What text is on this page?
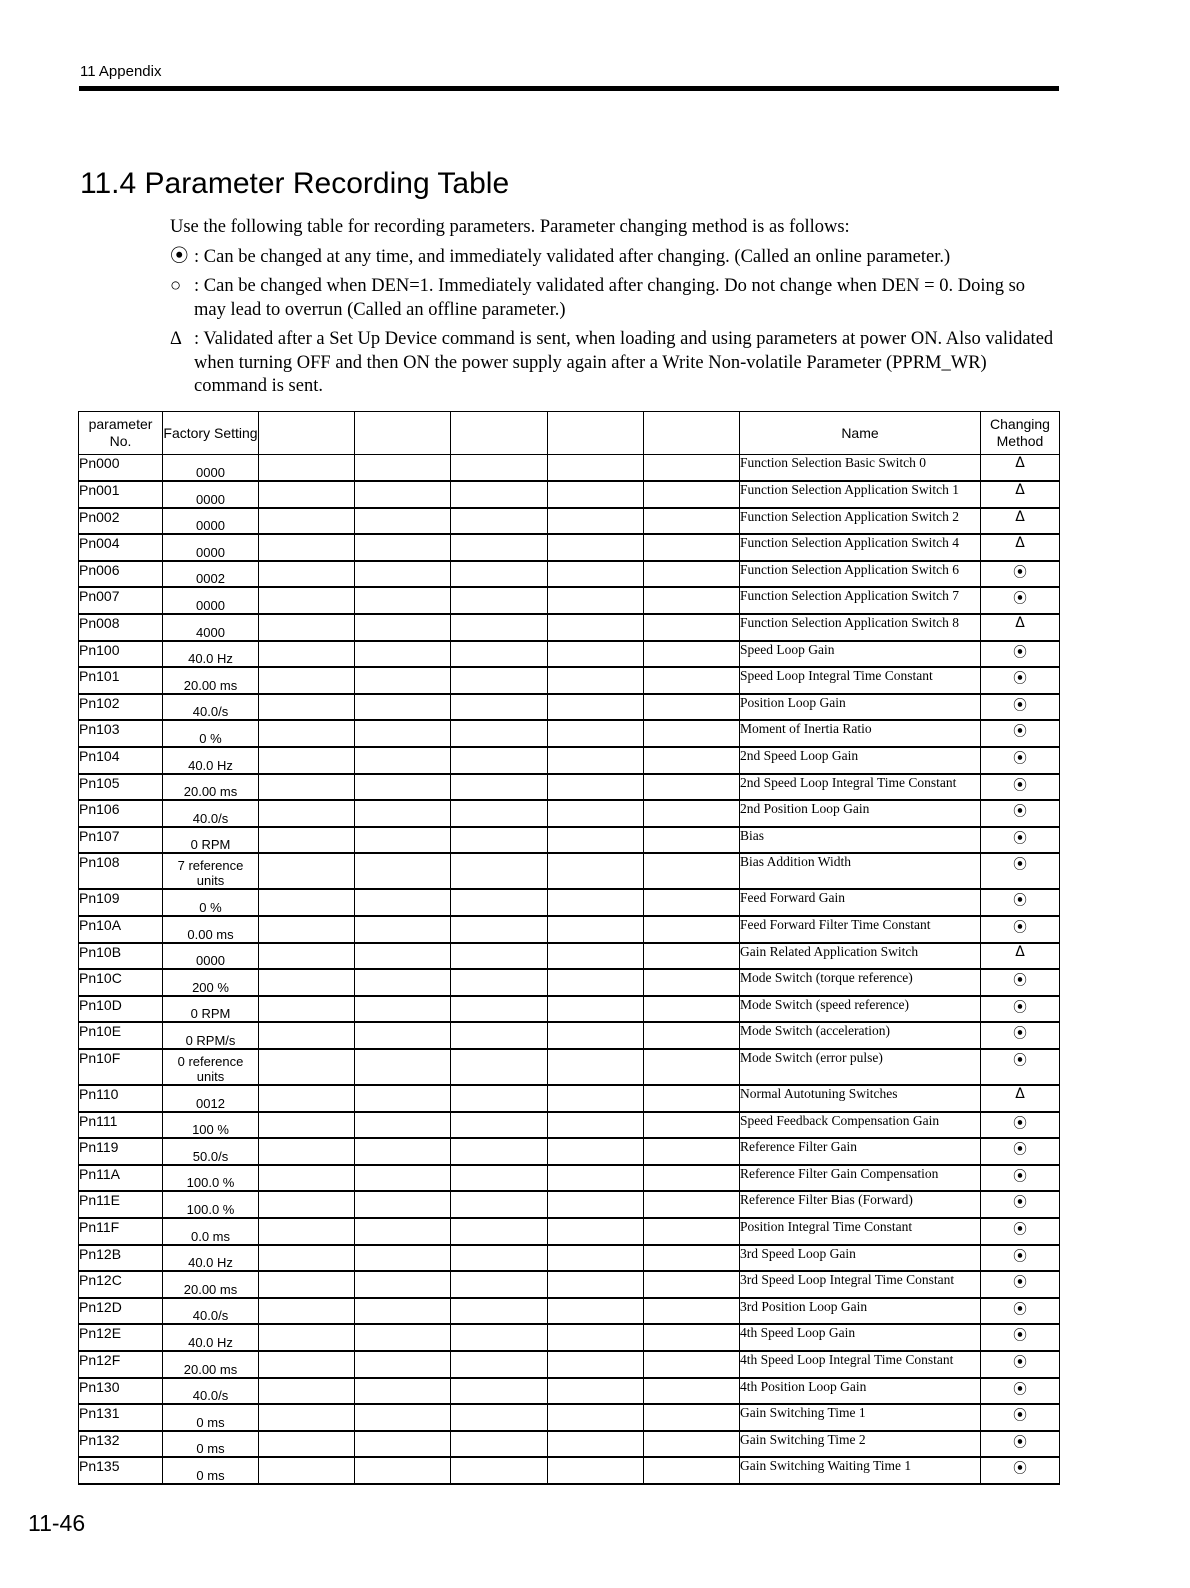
11 Appendix
11.4 Parameter Recording Table

Use the following table for recording parameters. Parameter changing method is as follows:

⦿ : Can be changed at any time, and immediately validated after changing. (Called an online parameter.)
○ : Can be changed when DEN=1. Immediately validated after changing. Do not change when DEN = 0. Doing so may lead to overrun (Called an offline parameter.)
Δ : Validated after a Set Up Device command is sent, when loading and using parameters at power ON. Also validated when turning OFF and then ON the power supply again after a Write Non-volatile Parameter (PPRM_WR) command is sent.
parameter No.	Factory Setting						Name	Changing Method
Pn000	0000						Function Selection Basic Switch 0	Δ
Pn001	0000						Function Selection Application Switch 1	Δ
Pn002	0000						Function Selection Application Switch 2	Δ
Pn004	0000						Function Selection Application Switch 4	Δ
Pn006	0002						Function Selection Application Switch 6	⦿
Pn007	0000						Function Selection Application Switch 7	⦿
Pn008	4000						Function Selection Application Switch 8	Δ
Pn100	40.0 Hz						Speed Loop Gain	⦿
Pn101	20.00 ms						Speed Loop Integral Time Constant	⦿
Pn102	40.0/s						Position Loop Gain	⦿
Pn103	0 %						Moment of Inertia Ratio	⦿
Pn104	40.0 Hz						2nd Speed Loop Gain	⦿
Pn105	20.00 ms						2nd Speed Loop Integral Time Constant	⦿
Pn106	40.0/s						2nd Position Loop Gain	⦿
Pn107	0 RPM						Bias	⦿
Pn108	7 reference units						Bias Addition Width	⦿
Pn109	0 %						Feed Forward Gain	⦿
Pn10A	0.00 ms						Feed Forward Filter Time Constant	⦿
Pn10B	0000						Gain Related Application Switch	Δ
Pn10C	200 %						Mode Switch (torque reference)	⦿
Pn10D	0 RPM						Mode Switch (speed reference)	⦿
Pn10E	0 RPM/s						Mode Switch (acceleration)	⦿
Pn10F	0 reference units						Mode Switch (error pulse)	⦿
Pn110	0012						Normal Autotuning Switches	Δ
Pn111	100 %						Speed Feedback Compensation Gain	⦿
Pn119	50.0/s						Reference Filter Gain	⦿
Pn11A	100.0 %						Reference Filter Gain Compensation	⦿
Pn11E	100.0 %						Reference Filter Bias (Forward)	⦿
Pn11F	0.0 ms						Position Integral Time Constant	⦿
Pn12B	40.0 Hz						3rd Speed Loop Gain	⦿
Pn12C	20.00 ms						3rd Speed Loop Integral Time Constant	⦿
Pn12D	40.0/s						3rd Position Loop Gain	⦿
Pn12E	40.0 Hz						4th Speed Loop Gain	⦿
Pn12F	20.00 ms						4th Speed Loop Integral Time Constant	⦿
Pn130	40.0/s						4th Position Loop Gain	⦿
Pn131	0 ms						Gain Switching Time 1	⦿
Pn132	0 ms						Gain Switching Time 2	⦿
Pn135	0 ms						Gain Switching Waiting Time 1	⦿
11-46
